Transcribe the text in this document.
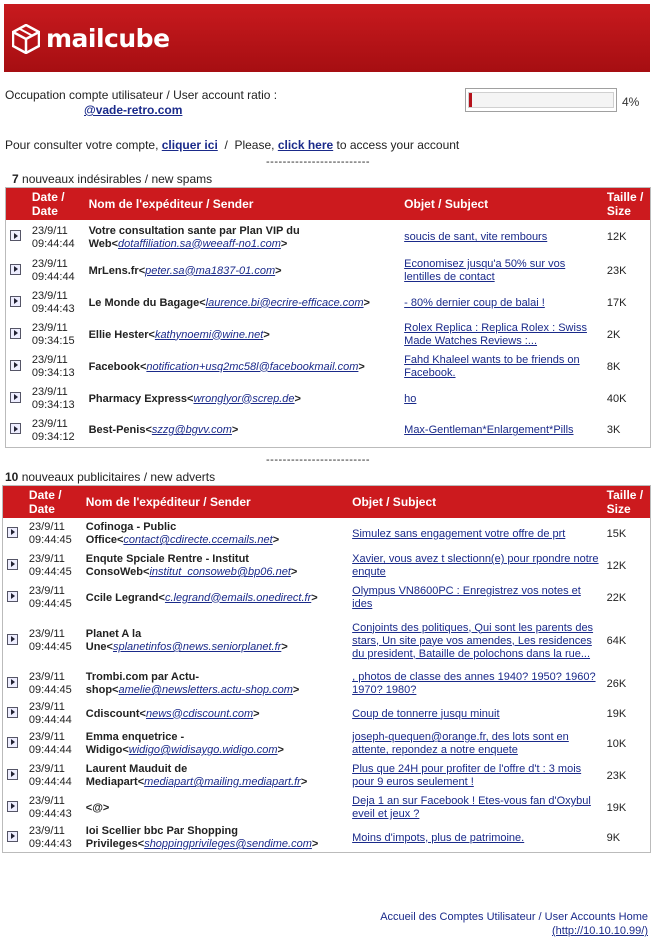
mailcube
Occupation compte utilisateur / User account ratio :
@vade-retro.com
4%
Pour consulter votre compte, cliquer ici  /  Please, click here to access your account
-------------------------
7 nouveaux indésirables / new spams
	Date / Date	Nom de l'expéditeur / Sender	Objet / Subject	Taille / Size

	23/9/11
09:44:44	Votre consultation sante par Plan VIP du Web<dotaffiliation.sa@weeaff-no1.com>	soucis de sant, vite rembours	12K

	23/9/11
09:44:44	MrLens.fr<peter.sa@ma1837-01.com>	Economisez jusqu'a 50% sur vos lentilles de contact	23K

	23/9/11
09:44:43	Le Monde du Bagage<laurence.bi@ecrire-efficace.com>	- 80% dernier coup de balai !	17K

	23/9/11
09:34:15	Ellie Hester<kathynoemi@wine.net>	Rolex Replica : Replica Rolex : Swiss Made Watches Reviews :...	2K

	23/9/11
09:34:13	Facebook<notification+usq2mc58l@facebookmail.com>	Fahd Khaleel wants to be friends on Facebook.	8K

	23/9/11
09:34:13	Pharmacy Express<wronglyor@screp.de>	ho	40K

	23/9/11
09:34:12	Best-Penis<szzg@bgvv.com>	Max-Gentleman*Enlargement*Pills	3K
-------------------------
10 nouveaux publicitaires / new adverts
	Date / Date	Nom de l'expéditeur / Sender	Objet / Subject	Taille / Size

	23/9/11
09:44:45	Cofinoga - Public Office<contact@cdirecte.ccemails.net>	Simulez sans engagement votre offre de prt	15K

	23/9/11
09:44:45	Enqute Spciale Rentre - Institut ConsoWeb<institut_consoweb@bp06.net>	Xavier, vous avez t slectionn(e) pour rpondre notre enqute	12K

	23/9/11
09:44:45	Ccile Legrand<c.legrand@emails.onedirect.fr>	Olympus VN8600PC : Enregistrez vos notes et ides	22K

	23/9/11
09:44:45	Planet A la Une<splanetinfos@news.seniorplanet.fr>	Conjoints des politiques, Qui sont les parents des stars, Un site paye vos amendes, Les residences du president, Bataille de polochons dans la rue...	64K

	23/9/11
09:44:45	Trombi.com par Actu-shop<amelie@newsletters.actu-shop.com>	, photos de classe des annes 1940? 1950? 1960? 1970? 1980?	26K

	23/9/11
09:44:44	Cdiscount<news@cdiscount.com>	Coup de tonnerre jusqu minuit	19K

	23/9/11
09:44:44	Emma enquetrice - Widigo<widigo@widisaygo.widigo.com>	joseph-quequen@orange.fr, des lots sont en attente, repondez a notre enquete	10K

	23/9/11
09:44:44	Laurent Mauduit de Mediapart<mediapart@mailing.mediapart.fr>	Plus que 24H pour profiter de l'offre d't : 3 mois pour 9 euros seulement !	23K

	23/9/11
09:44:43	<@>	Deja 1 an sur Facebook ! Etes-vous fan d'Oxybul eveil et jeux ?	19K

	23/9/11
09:44:43	Ioi Scellier bbc Par Shopping Privileges<shoppingprivileges@sendime.com>	Moins d'impots, plus de patrimoine.	9K
Accueil des Comptes Utilisateur / User Accounts Home
(http://10.10.10.99/)
